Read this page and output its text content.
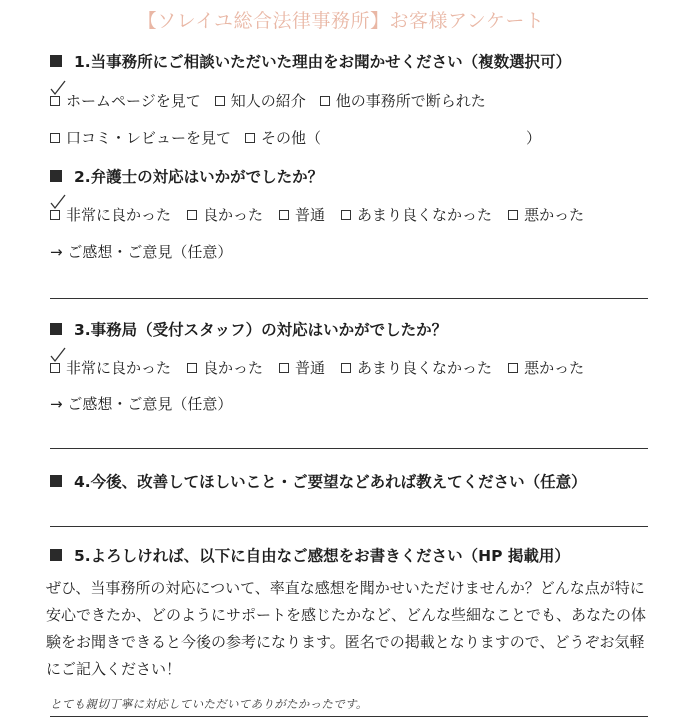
【ソレイユ総合法律事務所】お客様アンケート
1.当事務所にご相談いただいた理由をお聞かせください（複数選択可）
ホームページを見て 知人の紹介 他の事務所で断られた
口コミ・レビューを見て その他（	）
2.弁護士の対応はいかがでしたか？
非常に良かった 良かった 普通 あまり良くなかった 悪かった
→ ご感想・ご意見（任意）
3.事務局（受付スタッフ）の対応はいかがでしたか？
非常に良かった 良かった 普通 あまり良くなかった 悪かった
→ ご感想・ご意見（任意）
4.今後、改善してほしいこと・ご要望などあれば教えてください（任意）
5.よろしければ、以下に自由なご感想をお書きください（HP 掲載用）
ぜひ、当事務所の対応について、率直な感想を聞かせいただけませんか？どんな点が特に安心できたか、どのようにサポートを感じたかなど、どんな些細なことでも、あなたの体験をお聞きできると今後の参考になります。匿名での掲載となりますので、どうぞお気軽にご記入ください！
とても親切丁寧に対応していただいてありがたかったです。
